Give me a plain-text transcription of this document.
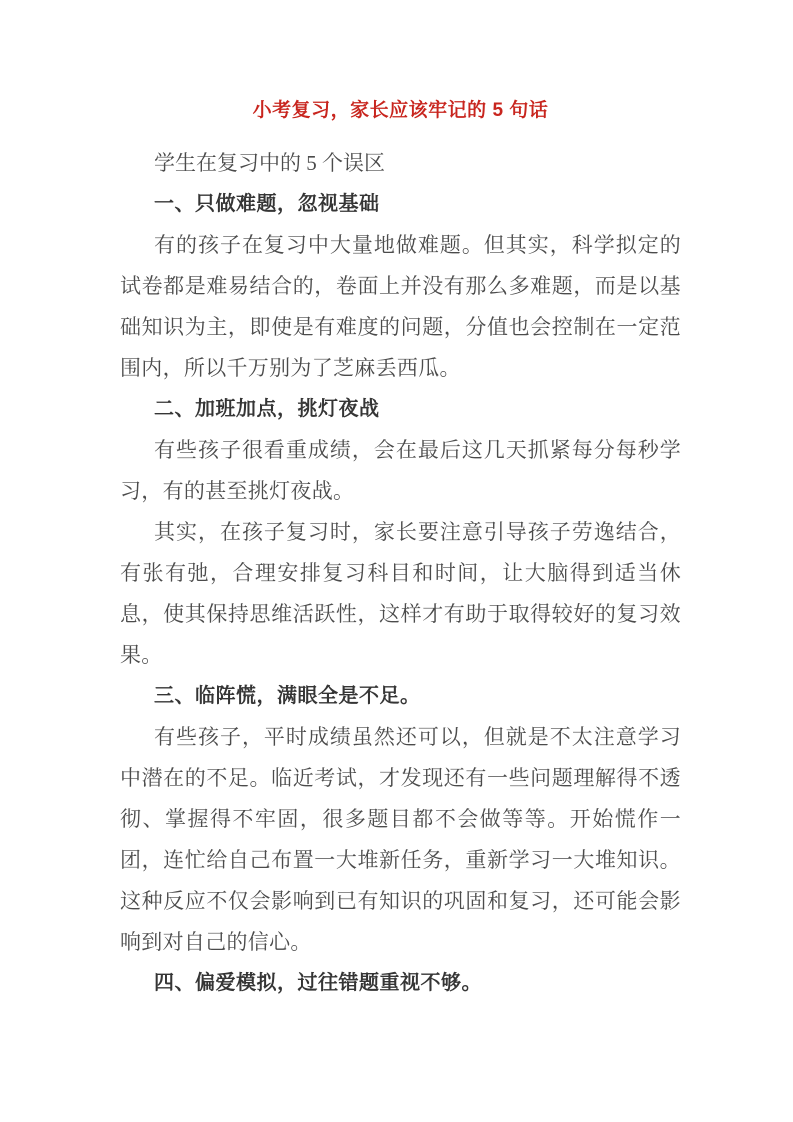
小考复习，家长应该牢记的 5 句话

学生在复习中的 5 个误区

一、只做难题，忽视基础

有的孩子在复习中大量地做难题。但其实，科学拟定的试卷都是难易结合的，卷面上并没有那么多难题，而是以基础知识为主，即使是有难度的问题，分值也会控制在一定范围内，所以千万别为了芝麻丢西瓜。

二、加班加点，挑灯夜战

有些孩子很看重成绩，会在最后这几天抓紧每分每秒学习，有的甚至挑灯夜战。

其实，在孩子复习时，家长要注意引导孩子劳逸结合，有张有弛，合理安排复习科目和时间，让大脑得到适当休息，使其保持思维活跃性，这样才有助于取得较好的复习效果。

三、临阵慌，满眼全是不足。

有些孩子，平时成绩虽然还可以，但就是不太注意学习中潜在的不足。临近考试，才发现还有一些问题理解得不透彻、掌握得不牢固，很多题目都不会做等等。开始慌作一团，连忙给自己布置一大堆新任务，重新学习一大堆知识。这种反应不仅会影响到已有知识的巩固和复习，还可能会影响到对自己的信心。

四、偏爱模拟，过往错题重视不够。
